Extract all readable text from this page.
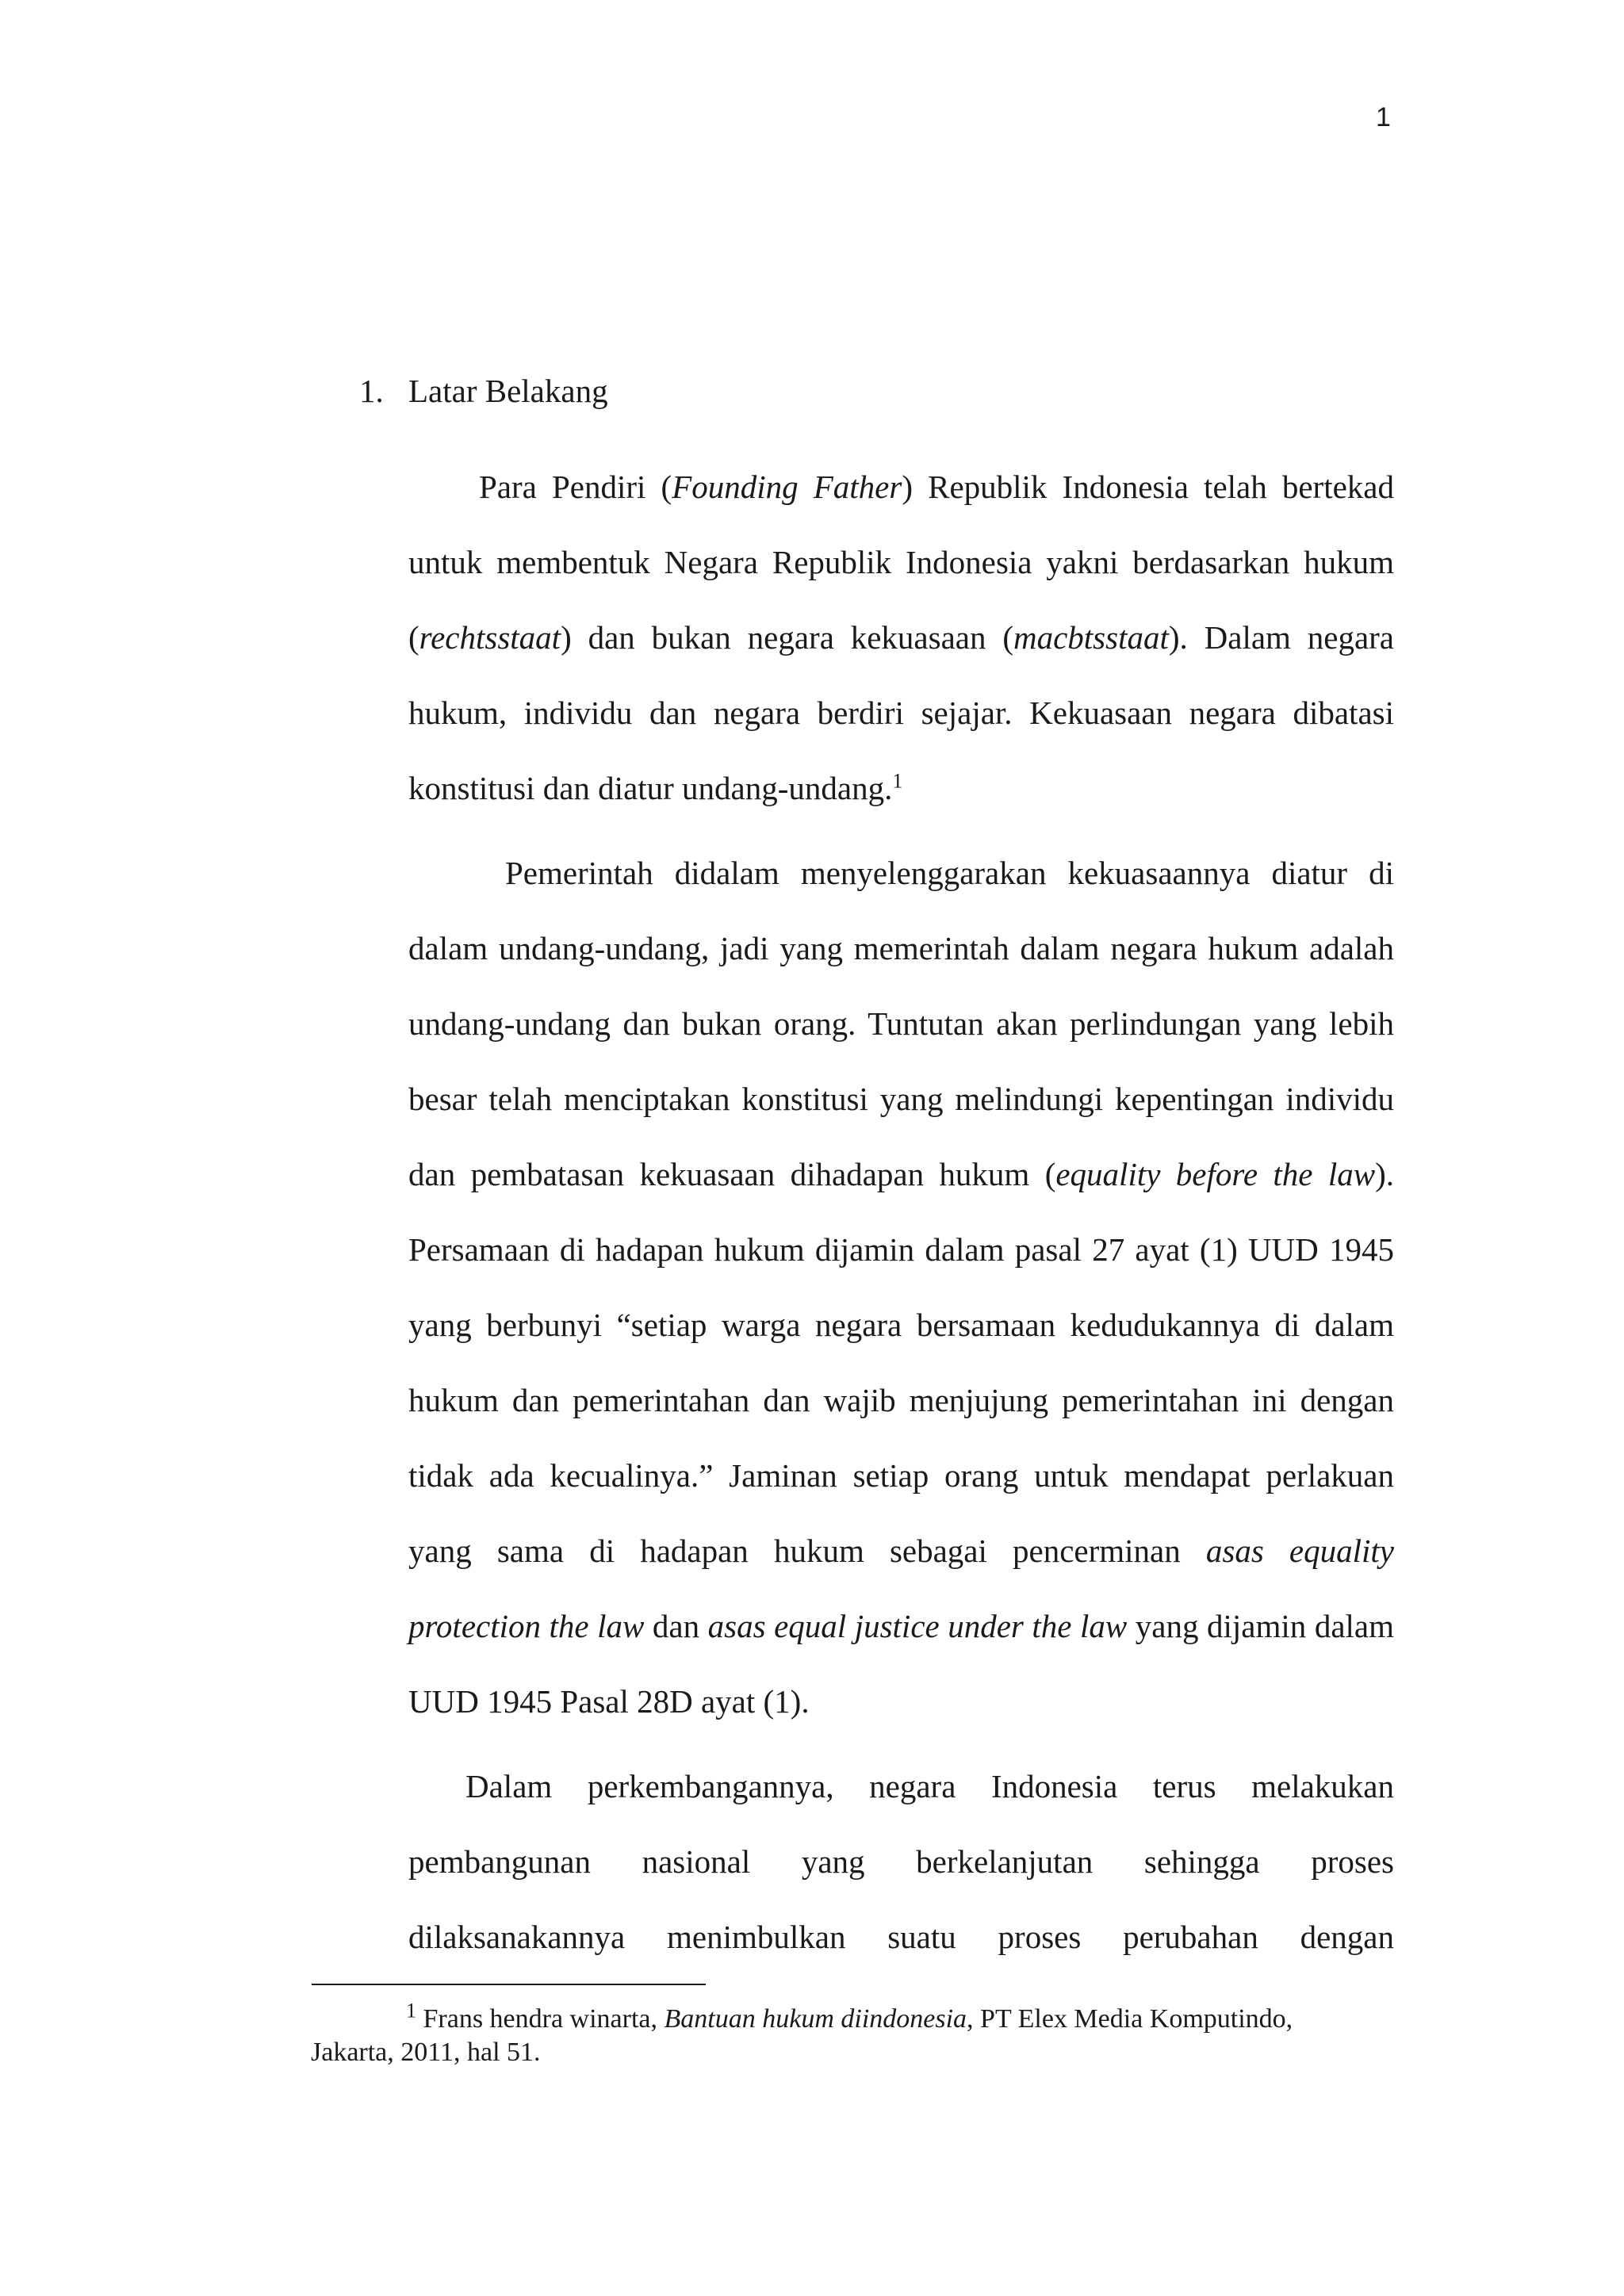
1
1. Latar Belakang

Para Pendiri (Founding Father) Republik Indonesia telah bertekad untuk membentuk Negara Republik Indonesia yakni berdasarkan hukum (rechtsstaat) dan bukan negara kekuasaan (macbtsstaat). Dalam negara hukum, individu dan negara berdiri sejajar. Kekuasaan negara dibatasi konstitusi dan diatur undang-undang.$^1$

Pemerintah didalam menyelenggarakan kekuasaannya diatur di dalam undang-undang, jadi yang memerintah dalam negara hukum adalah undang-undang dan bukan orang. Tuntutan akan perlindungan yang lebih besar telah menciptakan konstitusi yang melindungi kepentingan individu dan pembatasan kekuasaan dihadapan hukum (equality before the law). Persamaan di hadapan hukum dijamin dalam pasal 27 ayat (1) UUD 1945 yang berbunyi “setiap warga negara bersamaan kedudukannya di dalam hukum dan pemerintahan dan wajib menjujung pemerintahan ini dengan tidak ada kecualinya.” Jaminan setiap orang untuk mendapat perlakuan yang sama di hadapan hukum sebagai pencerminan asas equality protection the law dan asas equal justice under the law yang dijamin dalam UUD 1945 Pasal 28D ayat (1).

Dalam perkembangannya, negara Indonesia terus melakukan pembangunan nasional yang berkelanjutan sehingga proses dilaksanakannya menimbulkan suatu proses perubahan dengan

$^1$ Frans hendra winarta, Bantuan hukum diindonesia, PT Elex Media Komputindo, Jakarta, 2011, hal 51.
